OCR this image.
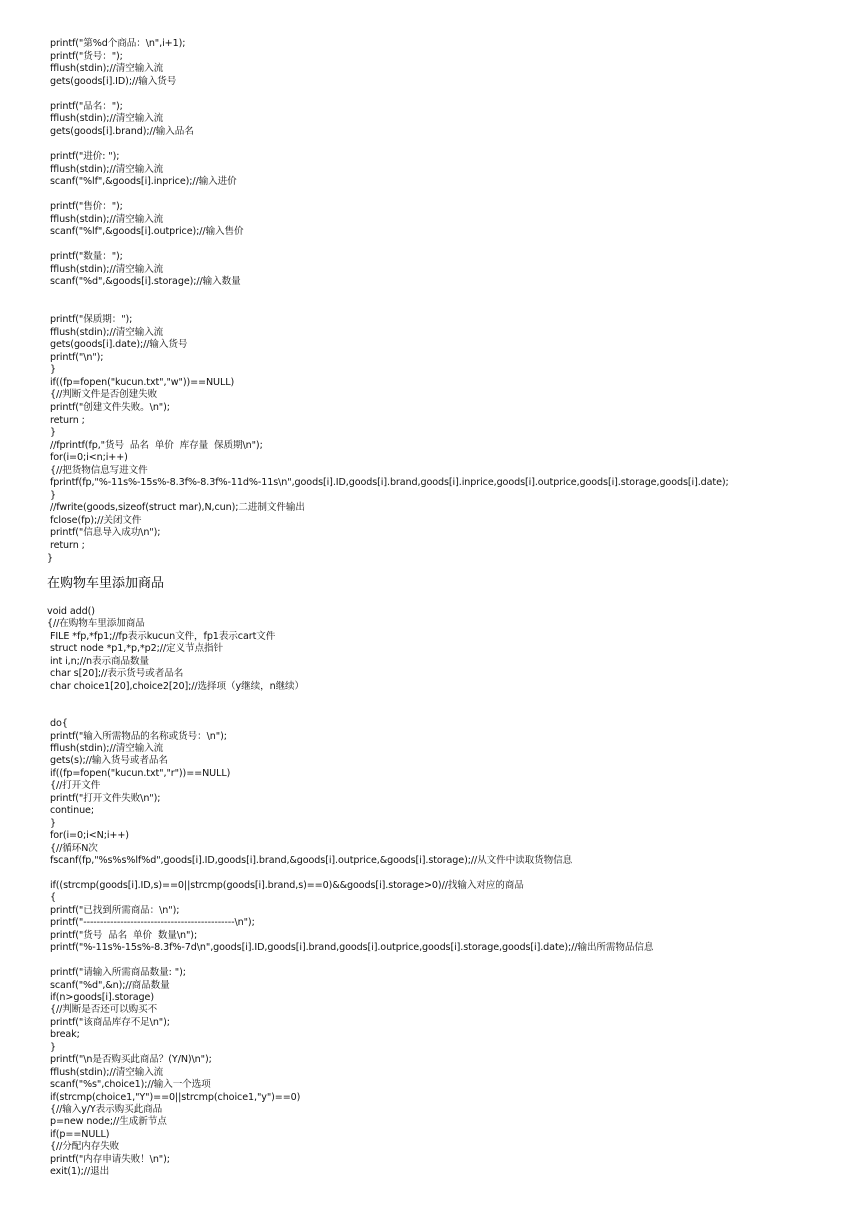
printf("第%d个商品：\n",i+1);
printf("货号：");
fflush(stdin);//清空输入流
gets(goods[i].ID);//输入货号
printf("品名：");
fflush(stdin);//清空输入流
gets(goods[i].brand);//输入品名
printf("进价: ");
fflush(stdin);//清空输入流
scanf("%lf",&goods[i].inprice);//输入进价
printf("售价：");
fflush(stdin);//清空输入流
scanf("%lf",&goods[i].outprice);//输入售价
printf("数量：");
fflush(stdin);//清空输入流
scanf("%d",&goods[i].storage);//输入数量
printf("保质期：");
fflush(stdin);//清空输入流
gets(goods[i].date);//输入货号
printf("\n");
}
if((fp=fopen("kucun.txt","w"))==NULL)
{//判断文件是否创建失败
printf("创建文件失败。\n");
return ;
}
//fprintf(fp,"货号  品名  单价  库存量  保质期\n");
for(i=0;i<n;i++)
{//把货物信息写进文件
fprintf(fp,"%-11s%-15s%-8.3f%-8.3f%-11d%-11s\n",goods[i].ID,goods[i].brand,goods[i].inprice,goods[i].outprice,goods[i].storage,goods[i].date);
}
//fwrite(goods,sizeof(struct mar),N,cun);二进制文件输出
fclose(fp);//关闭文件
printf("信息导入成功\n");
return ;
}
在购物车里添加商品
void add()
{//在购物车里添加商品
FILE *fp,*fp1;//fp表示kucun文件，fp1表示cart文件
struct node *p1,*p,*p2;//定义节点指针
int i,n;//n表示商品数量
char s[20];//表示货号或者品名
char choice1[20],choice2[20];//选择项（y继续，n继续）
do{
printf("输入所需物品的名称或货号：\n");
fflush(stdin);//清空输入流
gets(s);//输入货号或者品名
if((fp=fopen("kucun.txt","r"))==NULL)
{//打开文件
printf("打开文件失败\n");
continue;
}
for(i=0;i<N;i++)
{//循环N次
fscanf(fp,"%s%s%lf%d",goods[i].ID,goods[i].brand,&goods[i].outprice,&goods[i].storage);//从文件中读取货物信息
if((strcmp(goods[i].ID,s)==0||strcmp(goods[i].brand,s)==0)&&goods[i].storage>0)//找输入对应的商品
{
printf("已找到所需商品：\n");
printf("---------------------------------------------\n");
printf("货号  品名  单价  数量\n");
printf("%-11s%-15s%-8.3f%-7d\n",goods[i].ID,goods[i].brand,goods[i].outprice,goods[i].storage,goods[i].date);//输出所需物品信息
printf("请输入所需商品数量: ");
scanf("%d",&n);//商品数量
if(n>goods[i].storage)
{//判断是否还可以购买不
printf("该商品库存不足\n");
break;
}
printf("\n是否购买此商品？(Y/N)\n");
fflush(stdin);//清空输入流
scanf("%s",choice1);//输入一个选项
if(strcmp(choice1,"Y")==0||strcmp(choice1,"y")==0)
{//输入y/Y表示购买此商品
p=new node;//生成新节点
if(p==NULL)
{//分配内存失败
printf("内存申请失败！\n");
exit(1);//退出
